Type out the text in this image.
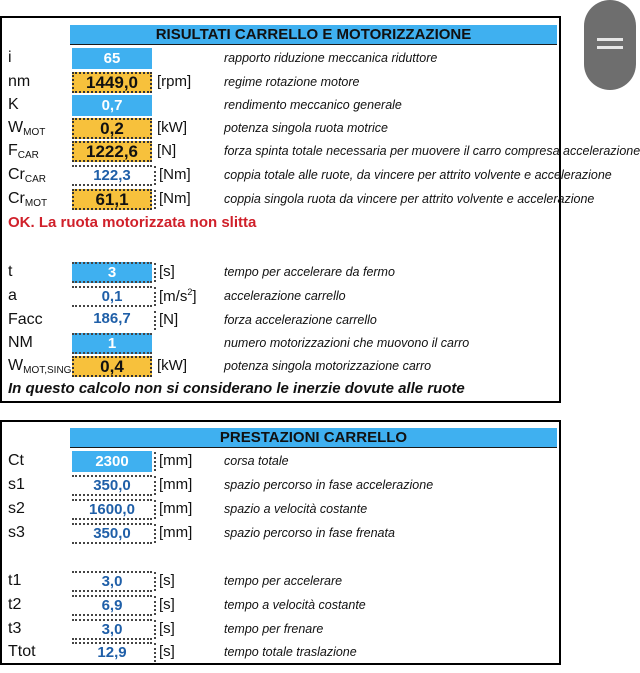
RISULTATI CARRELLO E MOTORIZZAZIONE
i	65	rapporto riduzione meccanica riduttore
nm	1449,0	[rpm]	regime rotazione motore
K	0,7	rendimento meccanico generale
$W_{MOT}$	0,2	[kW]	potenza singola ruota motrice
$F_{CAR}$	1222,6	[N]	forza spinta totale necessaria per muovere il carro compresa accelerazione
$Cr_{CAR}$	122,3	[Nm]	coppia totale alle ruote, da vincere per attrito volvente e accelerazione
$Cr_{MOT}$	61,1	[Nm]	coppia singola ruota da vincere per attrito volvente e accelerazione
OK. La ruota motorizzata non slitta
t	3	[s]	tempo per accelerare da fermo
a	0,1	$[m/s^2]$ accelerazione carrello
Facc	186,7	[N]	forza accelerazione carrello
NM	1	numero motorizzazioni che muovono il carro
$W_{MOT,SING}$	0,4	[kW]	potenza singola motorizzazione carro
In questo calcolo non si considerano le inerzie dovute alle ruote
PRESTAZIONI CARRELLO
Ct	2300	[mm]	corsa totale
s1	350,0	[mm]	spazio percorso in fase accelerazione
s2	1600,0	[mm]	spazio a velocità costante
s3	350,0	[mm]	spazio percorso in fase frenata
t1	3,0	[s]	tempo per accelerare
t2	6,9	[s]	tempo a velocità costante
t3	3,0	[s]	tempo per frenare
Ttot	12,9	[s]	tempo totale traslazione
